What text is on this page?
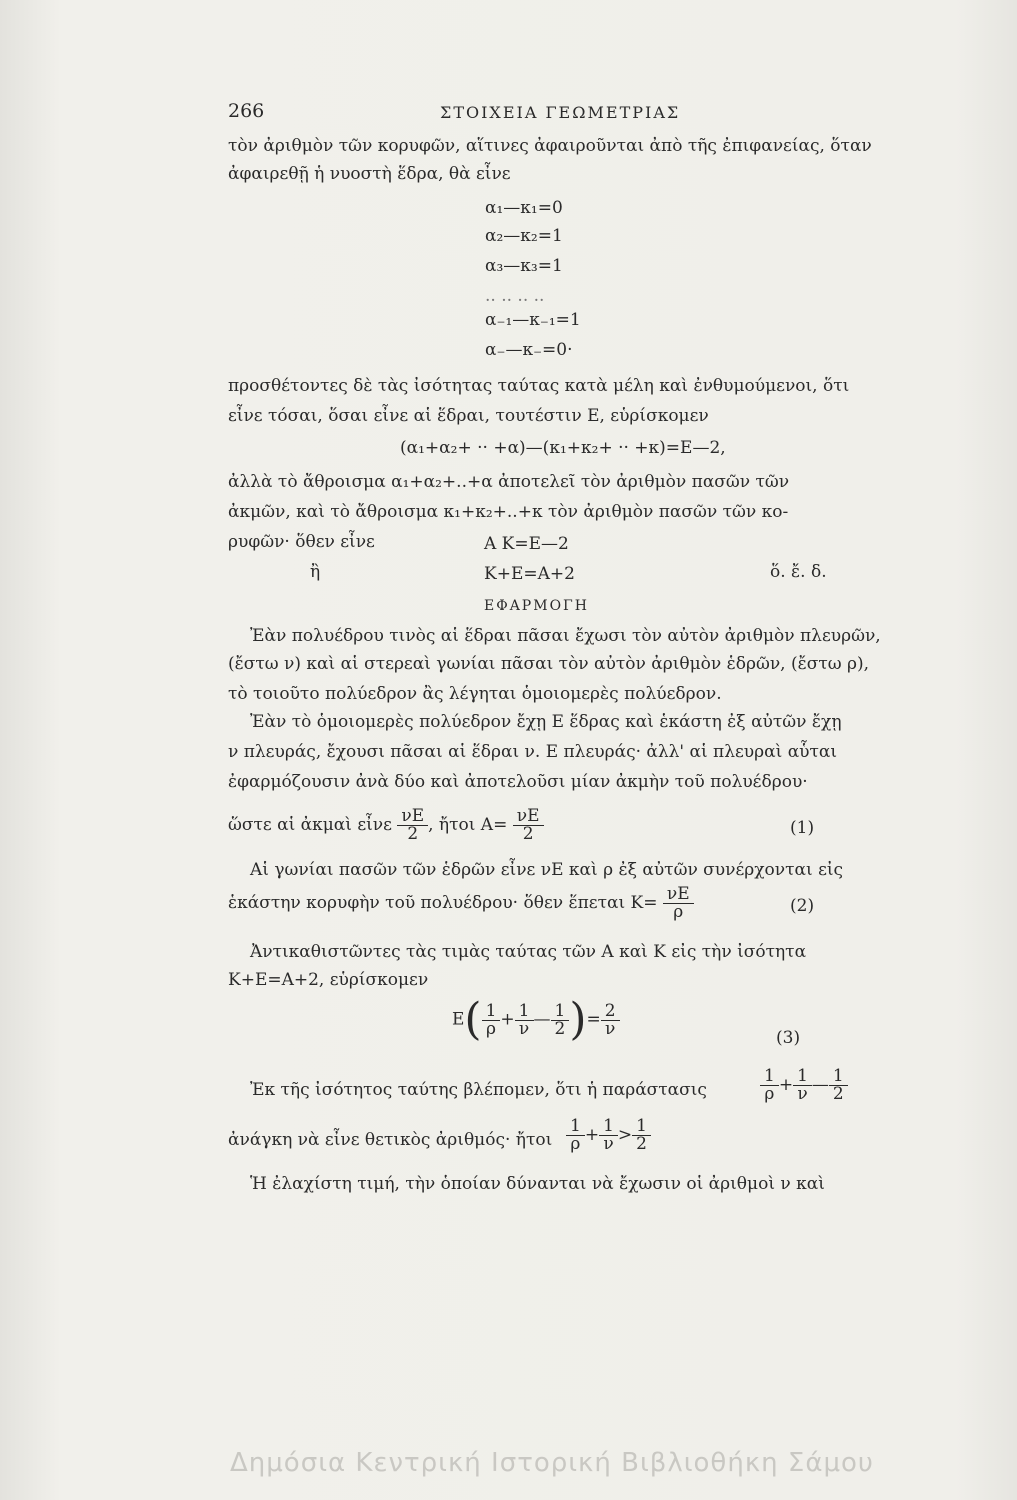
266	ΣΤΟΙΧΕΙΑ ΓΕΩΜΕΤΡΙΑΣ
τὸν ἀριθμὸν τῶν κορυφῶν, αἵτινες ἀφαιροῦνται ἀπὸ τῆς ἐπιφανείας, ὅταν
ἀφαιρεθῇ ἡ νυοστὴ ἕδρα, θὰ εἶνε
α₁—κ₁=0
α₂—κ₂=1
α₃—κ₃=1
.. .. .. ..
α₋₁—κ₋₁=1
α₋—κ₋=0·
προσθέτοντες δὲ τὰς ἰσότητας ταύτας κατὰ μέλη καὶ ἐνθυμούμενοι, ὅτι
εἶνε τόσαι, ὅσαι εἶνε αἱ ἕδραι, τουτέστιν Ε, εὑρίσκομεν
(α₁+α₂+ ·· +α)—(κ₁+κ₂+ ·· +κ)=E—2,
ἀλλὰ τὸ ἄθροισμα α₁+α₂+..+α ἀποτελεῖ τὸν ἀριθμὸν πασῶν τῶν
ἀκμῶν, καὶ τὸ ἄθροισμα κ₁+κ₂+..+κ τὸν ἀριθμὸν πασῶν τῶν κο-
ρυφῶν· ὅθεν εἶνε	Α Κ=Ε—2
ἢ	Κ+Ε=Α+2	ὅ. ἔ. δ.
ΕΦΑΡΜΟΓΗ
Ἐὰν πολυέδρου τινὸς αἱ ἕδραι πᾶσαι ἔχωσι τὸν αὐτὸν ἀριθμὸν πλευρῶν,
(ἔστω ν) καὶ αἱ στερεαὶ γωνίαι πᾶσαι τὸν αὐτὸν ἀριθμὸν ἑδρῶν, (ἔστω ρ),
τὸ τοιοῦτο πολύεδρον ἂς λέγηται ὁμοιομερὲς πολύεδρον.
Ἐὰν τὸ ὁμοιομερὲς πολύεδρον ἔχῃ Ε ἕδρας καὶ ἑκάστη ἐξ αὐτῶν ἔχῃ
ν πλευράς, ἔχουσι πᾶσαι αἱ ἕδραι ν. Ε πλευράς· ἀλλ' αἱ πλευραὶ αὗται
ἐφαρμόζουσιν ἀνὰ δύο καὶ ἀποτελοῦσι μίαν ἀκμὴν τοῦ πολυέδρου·
ὥστε αἱ ἀκμαὶ εἶνε $\frac{\nu E}{2}$ , ἤτοι $A= \frac{\nu E}{2}$	(1)
Αἱ γωνίαι πασῶν τῶν ἑδρῶν εἶνε νΕ καὶ ρ ἐξ αὐτῶν συνέρχονται εἰς
ἑκάστην κορυφὴν τοῦ πολυέδρου· ὅθεν ἕπεται $K= \frac{\nu E}{\rho}$	(2)
Ἀντικαθιστῶντες τὰς τιμὰς ταύτας τῶν Α καὶ Κ εἰς τὴν ἰσότητα
Κ+Ε=Α+2, εὑρίσκομεν
$E( \frac{1}{\rho} + \frac{1}{\nu}$ — $\frac{1}{2}$ )= $\frac{2}{\nu}$
(3)
Ἐκ τῆς ἰσότητος ταύτης βλέπομεν, ὅτι ἡ παράστασις	$\frac{1}{\rho} + \frac{1}{\nu}$ — $\frac{1}{2}$
ἀνάγκη νὰ εἶνε θετικὸς ἀριθμός· ἤτοι $\frac{1}{\rho} + \frac{1}{\nu} > \frac{1}{2}$
Ἡ ἐλαχίστη τιμή, τὴν ὁποίαν δύνανται νὰ ἔχωσιν οἱ ἀριθμοὶ ν καὶ
Δημόσια Κεντρική Ιστορική Βιβλιοθήκη Σάμου
